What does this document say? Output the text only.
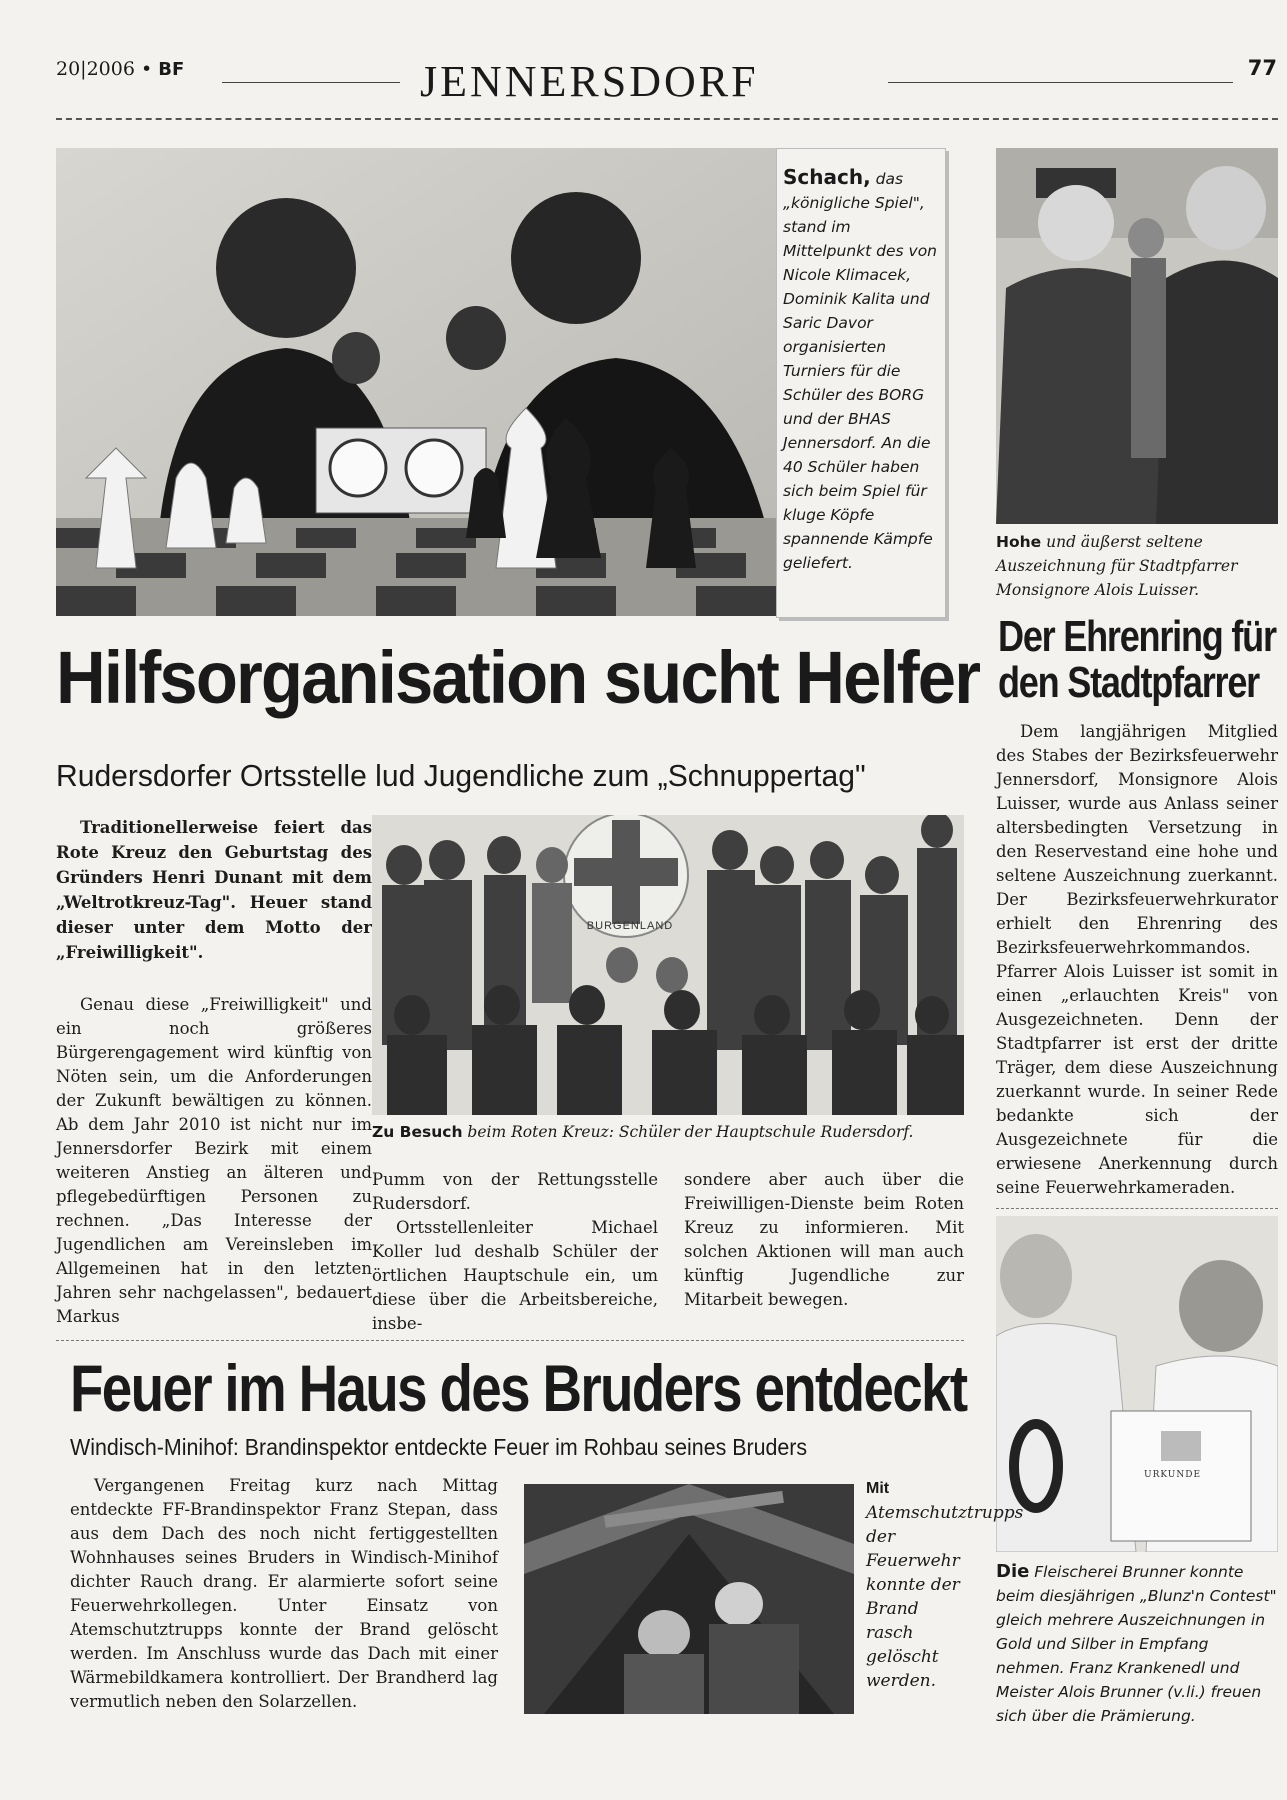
20|2006 • BF	JENNERSDORF	77
Schach, das „königliche Spiel", stand im Mittelpunkt des von Nicole Klimacek, Dominik Kalita und Saric Davor organisierten Turniers für die Schüler des BORG und der BHAS Jennersdorf. An die 40 Schüler haben sich beim Spiel für kluge Köpfe spannende Kämpfe geliefert.
Hilfsorganisation sucht Helfer
Rudersdorfer Ortsstelle lud Jugendliche zum „Schnuppertag"

Traditionellerweise feiert das Rote Kreuz den Geburtstag des Gründers Henri Dunant mit dem „Weltrotkreuz-Tag". Heuer stand dieser unter dem Motto der „Freiwilligkeit".

Genau diese „Freiwilligkeit" und ein noch größeres Bürgerengagement wird künftig von Nöten sein, um die Anforderungen der Zukunft bewältigen zu können. Ab dem Jahr 2010 ist nicht nur im Jennersdorfer Bezirk mit einem weiteren Anstieg an älteren und pflegebedürftigen Personen zu rechnen. „Das Interesse der Jugendlichen am Vereinsleben im Allgemeinen hat in den letzten Jahren sehr nachgelassen", bedauert Markus

BURGENLAND
Zu Besuch beim Roten Kreuz: Schüler der Hauptschule Rudersdorf.

Pumm von der Rettungsstelle Rudersdorf.

Ortsstellenleiter Michael Koller lud deshalb Schüler der örtlichen Hauptschule ein, um diese über die Arbeitsbereiche, insbe-

sondere aber auch über die Freiwilligen-Dienste beim Roten Kreuz zu informieren. Mit solchen Aktionen will man auch künftig Jugendliche zur Mitarbeit bewegen.

Hohe und äußerst seltene Auszeichnung für Stadtpfarrer Monsignore Alois Luisser.
Der Ehrenring für
den Stadtpfarrer

Dem langjährigen Mitglied des Stabes der Bezirksfeuerwehr Jennersdorf, Monsignore Alois Luisser, wurde aus Anlass seiner altersbedingten Versetzung in den Reservestand eine hohe und seltene Auszeichnung zuerkannt. Der Bezirksfeuerwehrkurator erhielt den Ehrenring des Bezirksfeuerwehrkommandos. Pfarrer Alois Luisser ist somit in einen „erlauchten Kreis" von Ausgezeichneten. Denn der Stadtpfarrer ist erst der dritte Träger, dem diese Auszeichnung zuerkannt wurde. In seiner Rede bedankte sich der Ausgezeichnete für die erwiesene Anerkennung durch seine Feuerwehrkameraden.

URKUNDE
Die Fleischerei Brunner konnte beim diesjährigen „Blunz'n Contest" gleich mehrere Auszeichnungen in Gold und Silber in Empfang nehmen. Franz Krankenedl und Meister Alois Brunner (v.li.) freuen sich über die Prämierung.
Feuer im Haus des Bruders entdeckt
Windisch-Minihof: Brandinspektor entdeckte Feuer im Rohbau seines Bruders

Vergangenen Freitag kurz nach Mittag entdeckte FF-Brandinspektor Franz Stepan, dass aus dem Dach des noch nicht fertiggestellten Wohnhauses seines Bruders in Windisch-Minihof dichter Rauch drang. Er alarmierte sofort seine Feuerwehrkollegen. Unter Einsatz von Atemschutztrupps konnte der Brand gelöscht werden. Im Anschluss wurde das Dach mit einer Wärmebildkamera kontrolliert. Der Brandherd lag vermutlich neben den Solarzellen.

Mit Atemschutztrupps der Feuerwehr konnte der Brand rasch gelöscht werden.
